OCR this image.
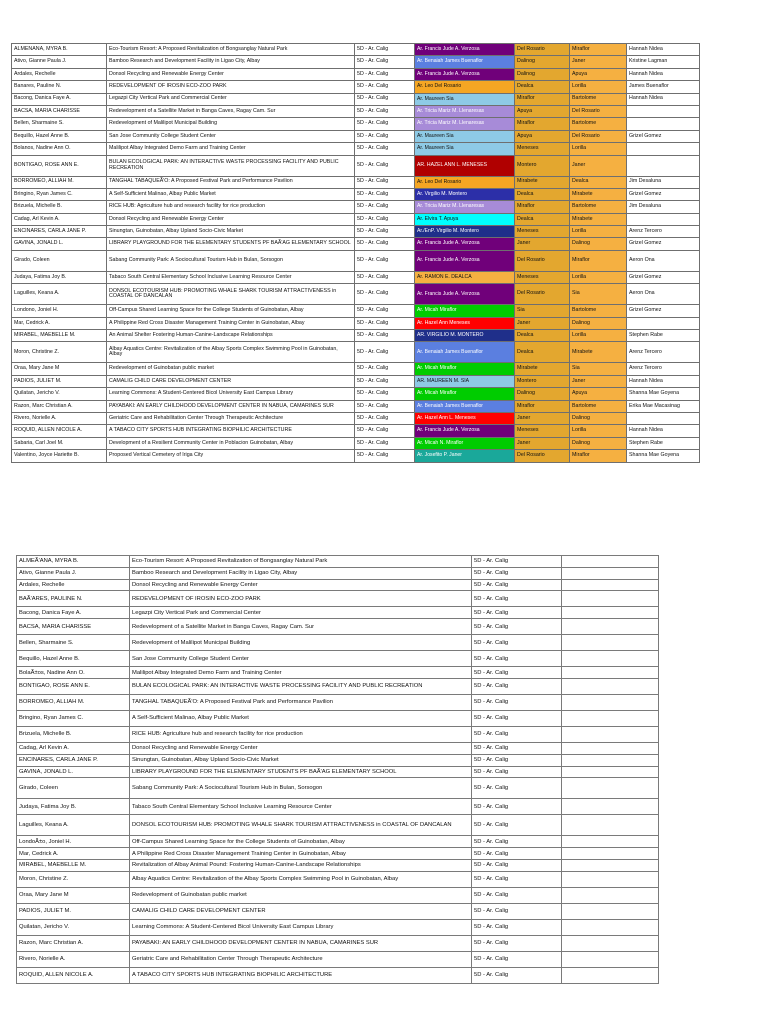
ALMENANA, MYRA B.	Eco-Tourism Resort: A Proposed Revitalization of Bongsanglay Natural Park	5D - Ar. Calig	Ar. Francis Jude A. Verzosa	Del Rosario	Miraflor	Hannah Nidea
Ativo, Gianne Paula J.	Bamboo Research and Development Facility in Ligao City, Albay	5D - Ar. Calig	Ar. Benaiah James Buenaflor	Dalinog	Janer	Kristine Lagman
Ardales, Rechelle	Donsol Recycling and Renewable Energy Center	5D - Ar. Calig	Ar. Francis Jude A. Verzosa	Dalinog	Apuya	Hannah Nidea
Banares, Pauline N.	REDEVELOPMENT OF IROSIN ECO-ZOO PARK	5D - Ar. Calig	Ar. Leo Del Rosario	Dealca	Lorilla	James Buenaflor
Bacong, Danica Faye A.	Legazpi City Vertical Park and Commercial Center	5D - Ar. Calig	Ar. Maureen Sia	Miraflor	Bartolome	Hannah Nidea
BACSA, MARIA CHARISSE	Redevelopment of a Satellite Market in Banga Caves, Ragay Cam. Sur	5D - Ar. Calig	Ar. Tricia Mariz M. Llenaresas	Apuya	Del Rosario	
Bellen, Sharmaine S.	Redevelopment of Malilipot Municipal Building	5D - Ar. Calig	Ar. Tricia Mariz M. Llenaresas	Miraflor	Bartolome	
Bequillo, Hazel Anne B.	San Jose Community College Student Center	5D - Ar. Calig	Ar. Maureen Sia	Apuya	Del Rosario	Grizel Gomez
Bolanos, Nadine Ann O.	Malilipot Albay Integrated Demo Farm and Training Center	5D - Ar. Calig	Ar. Maureen Sia	Meneses	Lorilla	
BONTIGAO, ROSE ANN E.	BULAN ECOLOGICAL PARK: AN INTERACTIVE WASTE PROCESSING FACILITY AND PUBLIC RECREATION	5D - Ar. Calig	AR. HAZEL ANN L. MENESES	Montero	Janer	
BORROMEO, ALLIAH M.	TANGHAL TABAQUEÃ'O: A Proposed Festival Park and Performance Pavilion	5D - Ar. Calig	Ar. Leo Del Rosario	Mirabete	Dealca	Jim Desaluna
Bringino, Ryan James C.	A Self-Sufficient Malinao, Albay Public Market	5D - Ar. Calig	Ar. Virgilio M. Montero	Dealca	Mirabete	Grizel Gomez
Brizuela, Michelle B.	RICE HUB: Agriculture hub and research facility for rice production	5D - Ar. Calig	Ar. Tricia Mariz M. Llenaresas	Miraflor	Bartolome	Jim Desaluna
Cadag, Arl Kevin A.	Donsol Recycling and Renewable Energy Center	5D - Ar. Calig	Ar. Elvira T. Apuya	Dealca	Mirabete	
ENCINARES, CARLA JANE P.	Sinungtan, Guinobatan, Albay Upland Socio-Civic Market	5D - Ar. Calig	Ar./EnP. Virgilio M. Montero	Meneses	Lorilla	Arenz Tercero
GAVINA, JONALD L.	LIBRARY PLAYGROUND FOR THE ELEMENTARY STUDENTS PF BAÃ'AG ELEMENTARY SCHOOL	5D - Ar. Calig	Ar. Francis Jude A. Verzosa	Janer	Dalinog	Grizel Gomez
Girado, Coleen	Sabang Community Park: A Sociocultural Tourism Hub in Bulan, Sorsogon	5D - Ar. Calig	Ar. Francis Jude A. Verzosa	Del Rosario	Miraflor	Aeron Ona
Judaya, Fatima Joy B.	Tabaco South Central Elementary School Inclusive Learning Resource Center	5D - Ar. Calig	Ar. RAMON E. DEALCA	Meneses	Lorilla	Grizel Gomez
Laguilles, Keana A.	DONSOL ECOTOURISM HUB: PROMOTING WHALE SHARK TOURISM ATTRACTIVENESS in COASTAL OF DANCALAN	5D - Ar. Calig	Ar. Francis Jude A. Verzosa	Del Rosario	Sia	Aeron Ona
Londono, Joniel H.	Off-Campus Shared Learning Space for the College Students of Guinobatan, Albay	5D - Ar. Calig	Ar. Micah Miraflor	Sia	Bartolome	Grizel Gomez
Mar, Cedrick A.	A Philippine Red Cross Disaster Management Training Center in Guinobatan, Albay	5D - Ar. Calig	Ar. Hazel Ann Meneses	Janer	Dalinog	
MIRABEL, MAEBELLE M.	An Animal Shelter Fostering Human-Canine-Landscape Relationships	5D - Ar. Calig	AR. VIRGILIO M. MONTERO	Dealca	Lorilla	Stephen Rabe
Moron, Christine Z.	Albay Aquatics Centre: Revitalization of the Albay Sports Complex Swimming Pool in Guinobatan, Albay	5D - Ar. Calig	Ar. Benaiah James Buenaflor	Dealca	Mirabete	Arenz Tercero
Oraa, Mary Jane M	Redevelopment of Guinobatan public market	5D - Ar. Calig	Ar. Micah Miraflor	Mirabete	Sia	Arenz Tercero
PADIOS, JULIET M.	CAMALIG CHILD CARE DEVELOPMENT CENTER	5D - Ar. Calig	AR. MAUREEN M. SIA	Montero	Janer	Hannah Nidea
Quilatan, Jericho V.	Learning Commons: A Student-Centered Bicol University East Campus Library	5D - Ar. Calig	Ar. Micah Miraflor	Dalinog	Apuya	Shanna Mae Goyena
Razon, Marc Christian A.	PAYABAKI: AN EARLY CHILDHOOD DEVELOPMENT CENTER IN NABUA, CAMARINES SUR	5D - Ar. Calig	Ar. Benaiah James Buenaflor	Miraflor	Bartolome	Erika Mae Macasinag
Rivero, Norielle A.	Geriatric Care and Rehabilitation Center Through Therapeutic Architecture	5D - Ar. Calig	Ar. Hazel Ann L. Meneses	Janer	Dalinog	
ROQUID, ALLEN NICOLE A.	A TABACO CITY SPORTS HUB INTEGRATING BIOPHILIC ARCHITECTURE	5D - Ar. Calig	Ar. Francis Jude A. Verzosa	Meneses	Lorilla	Hannah Nidea
Sabaria, Carl Joel M.	Development of a Resilient Community Center in Poblacion Guinobatan, Albay	5D - Ar. Calig	Ar. Micah N. Miraflor	Janer	Dalinog	Stephen Rabe
Valentino, Joyce Hariette B.	Proposed Vertical Cemetery of Iriga City	5D - Ar. Calig	Ar. Josefito P. Janer	Del Rosario	Miraflor	Shanna Mae Goyena
ALMEÃ'ANA, MYRA B.	Eco-Tourism Resort: A Proposed Revitalization of Bongsanglay Natural Park	5D - Ar. Calig	
Ativo, Gianne Paula J.	Bamboo Research and Development Facility in Ligao City, Albay	5D - Ar. Calig	
Ardales, Rechelle	Donsol Recycling and Renewable Energy Center	5D - Ar. Calig	
BAÃ'ARES, PAULINE N.	REDEVELOPMENT OF IROSIN ECO-ZOO PARK	5D - Ar. Calig	
Bacong, Danica Faye A.	Legazpi City Vertical Park and Commercial Center	5D - Ar. Calig	
BACSA, MARIA CHARISSE	Redevelopment of a Satellite Market in Banga Caves, Ragay Cam. Sur	5D - Ar. Calig	
Bellen, Sharmaine S.	Redevelopment of Malilipot Municipal Building	5D - Ar. Calig	
Bequillo, Hazel Anne B.	San Jose Community College Student Center	5D - Ar. Calig	
BolaÃ±os, Nadine Ann O.	Malilipot Albay Integrated Demo Farm and Training Center	5D - Ar. Calig	
BONTIGAO, ROSE ANN E.	BULAN ECOLOGICAL PARK: AN INTERACTIVE WASTE PROCESSING FACILITY AND PUBLIC RECREATION	5D - Ar. Calig	
BORROMEO, ALLIAH M.	TANGHAL TABAQUEÃ'O: A Proposed Festival Park and Performance Pavilion	5D - Ar. Calig	
Bringino, Ryan James C.	A Self-Sufficient Malinao, Albay Public Market	5D - Ar. Calig	
Brizuela, Michelle B.	RICE HUB: Agriculture hub and research facility for rice production	5D - Ar. Calig	
Cadag, Arl Kevin A.	Donsol Recycling and Renewable Energy Center	5D - Ar. Calig	
ENCINARES, CARLA JANE P.	Sinungtan, Guinobatan, Albay Upland Socio-Civic Market	5D - Ar. Calig	
GAVINA, JONALD L.	LIBRARY PLAYGROUND FOR THE ELEMENTARY STUDENTS PF BAÃ'AG ELEMENTARY SCHOOL	5D - Ar. Calig	
Girado, Coleen	Sabang Community Park: A Sociocultural Tourism Hub in Bulan, Sorsogon	5D - Ar. Calig	
Judaya, Fatima Joy B.	Tabaco South Central Elementary School Inclusive Learning Resource Center	5D - Ar. Calig	
Laguilles, Keana A.	DONSOL ECOTOURISM HUB: PROMOTING WHALE SHARK TOURISM ATTRACTIVENESS in COASTAL OF DANCALAN	5D - Ar. Calig	
LondoÃ±o, Joniel H.	Off-Campus Shared Learning Space for the College Students of Guinobatan, Albay	5D - Ar. Calig	
Mar, Cedrick A.	A Philippine Red Cross Disaster Management Training Center in Guinobatan, Albay	5D - Ar. Calig	
MIRABEL, MAEBELLE M.	Revitalization of Albay Animal Pound: Fostering Human-Canine-Landscape Relationships	5D - Ar. Calig	
Moron, Christine Z.	Albay Aquatics Centre: Revitalization of the Albay Sports Complex Swimming Pool in Guinobatan, Albay	5D - Ar. Calig	
Oraa, Mary Jane M	Redevelopment of Guinobatan public market	5D - Ar. Calig	
PADIOS, JULIET M.	CAMALIG CHILD CARE DEVELOPMENT CENTER	5D - Ar. Calig	
Quilatan, Jericho V.	Learning Commons: A Student-Centered Bicol University East Campus Library	5D - Ar. Calig	
Razon, Marc Christian A.	PAYABAKI: AN EARLY CHILDHOOD DEVELOPMENT CENTER IN NABUA, CAMARINES SUR	5D - Ar. Calig	
Rivero, Norielle A.	Geriatric Care and Rehabilitation Center Through Therapeutic Architecture	5D - Ar. Calig	
ROQUID, ALLEN NICOLE A.	A TABACO CITY SPORTS HUB INTEGRATING BIOPHILIC ARCHITECTURE	5D - Ar. Calig	
